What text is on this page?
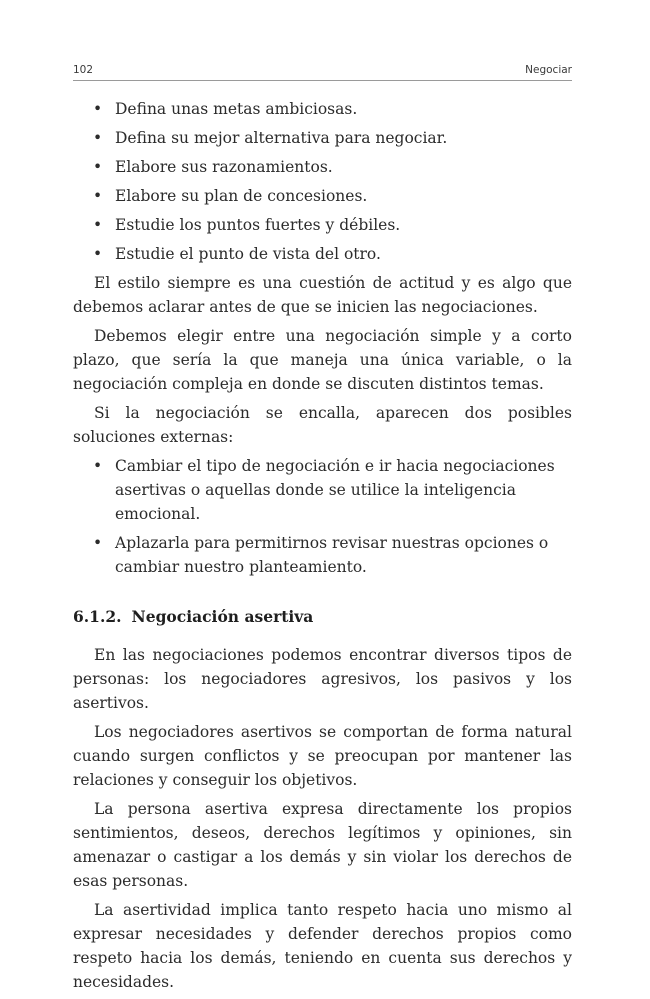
102	Negociar
• Defina unas metas ambiciosas.
• Defina su mejor alternativa para negociar.
• Elabore sus razonamientos.
• Elabore su plan de concesiones.
• Estudie los puntos fuertes y débiles.
• Estudie el punto de vista del otro.

El estilo siempre es una cuestión de actitud y es algo que debemos aclarar antes de que se inicien las negociaciones.

Debemos elegir entre una negociación simple y a corto plazo, que sería la que maneja una única variable, o la negociación compleja en donde se discuten distintos temas.

Si la negociación se encalla, aparecen dos posibles soluciones externas:

• Cambiar el tipo de negociación e ir hacia negociaciones asertivas o aquellas donde se utilice la inteligencia emocional.
• Aplazarla para permitirnos revisar nuestras opciones o cambiar nuestro planteamiento.
6.1.2. Negociación asertiva

En las negociaciones podemos encontrar diversos tipos de personas: los negociadores agresivos, los pasivos y los asertivos.

Los negociadores asertivos se comportan de forma natural cuando surgen conflictos y se preocupan por mantener las relaciones y conseguir los objetivos.

La persona asertiva expresa directamente los propios sentimientos, deseos, derechos legítimos y opiniones, sin amenazar o castigar a los demás y sin violar los derechos de esas personas.

La asertividad implica tanto respeto hacia uno mismo al expresar necesidades y defender derechos propios como respeto hacia los demás, teniendo en cuenta sus derechos y necesidades.
